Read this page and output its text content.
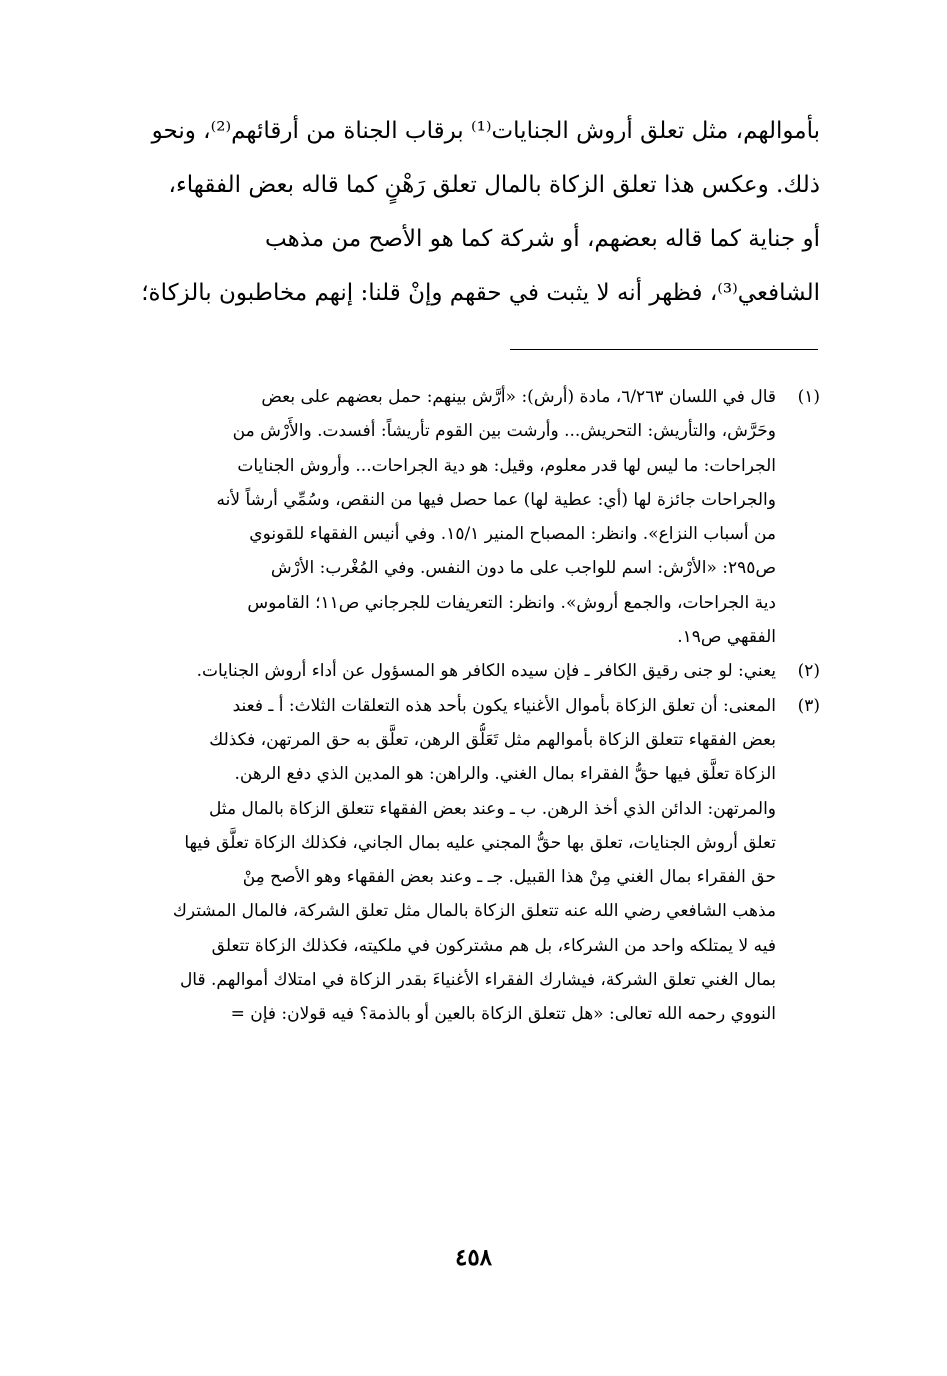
بأموالهم، مثل تعلق أروش الجنايات⁽¹⁾ برقاب الجناة من أرقائهم⁽²⁾، ونحو
ذلك. وعكس هذا تعلق الزكاة بالمال تعلق رَهْنٍ كما قاله بعض الفقهاء،
أو جناية كما قاله بعضهم، أو شركة كما هو الأصح من مذهب
الشافعي⁽³⁾، فظهر أنه لا يثبت في حقهم وإنْ قلنا: إنهم مخاطبون بالزكاة؛
(١)
قال في اللسان ٦/٢٦٣، مادة (أرش): «أرَّش بينهم: حمل بعضهم على بعض
وحَرَّش، والتأريش: التحريش... وأرشت بين القوم تأريشاً: أفسدت. والأَرْش من
الجراحات: ما ليس لها قدر معلوم، وقيل: هو دية الجراحات... وأروش الجنايات
والجراحات جائزة لها (أي: عطية لها) عما حصل فيها من النقص، وسُمِّي أرشاً لأنه
من أسباب النزاع». وانظر: المصباح المنير ١٥/١. وفي أنيس الفقهاء للقونوي
ص٢٩٥: «الأرْش: اسم للواجب على ما دون النفس. وفي المُغْرب: الأرْش
دية الجراحات، والجمع أروش». وانظر: التعريفات للجرجاني ص١١؛ القاموس
الفقهي ص١٩.
(٢)
يعني: لو جنى رقيق الكافر ـ فإن سيده الكافر هو المسؤول عن أداء أروش الجنايات.
(٣)
المعنى: أن تعلق الزكاة بأموال الأغنياء يكون بأحد هذه التعلقات الثلاث: أ ـ فعند
بعض الفقهاء تتعلق الزكاة بأموالهم مثل تَعَلُّق الرهن، تعلَّق به حق المرتهن، فكذلك
الزكاة تعلَّق فيها حقُّ الفقراء بمال الغني. والراهن: هو المدين الذي دفع الرهن.
والمرتهن: الدائن الذي أخذ الرهن. ب ـ وعند بعض الفقهاء تتعلق الزكاة بالمال مثل
تعلق أروش الجنايات، تعلق بها حقُّ المجني عليه بمال الجاني، فكذلك الزكاة تعلَّق فيها
حق الفقراء بمال الغني مِنْ هذا القبيل. جـ ـ وعند بعض الفقهاء وهو الأصح مِنْ
مذهب الشافعي رضي الله عنه تتعلق الزكاة بالمال مثل تعلق الشركة، فالمال المشترك
فيه لا يمتلكه واحد من الشركاء، بل هم مشتركون في ملكيته، فكذلك الزكاة تتعلق
بمال الغني تعلق الشركة، فيشارك الفقراء الأغنياءَ بقدر الزكاة في امتلاك أموالهم. قال
النووي رحمه الله تعالى: «هل تتعلق الزكاة بالعين أو بالذمة؟ فيه قولان: فإن =
٤٥٨
